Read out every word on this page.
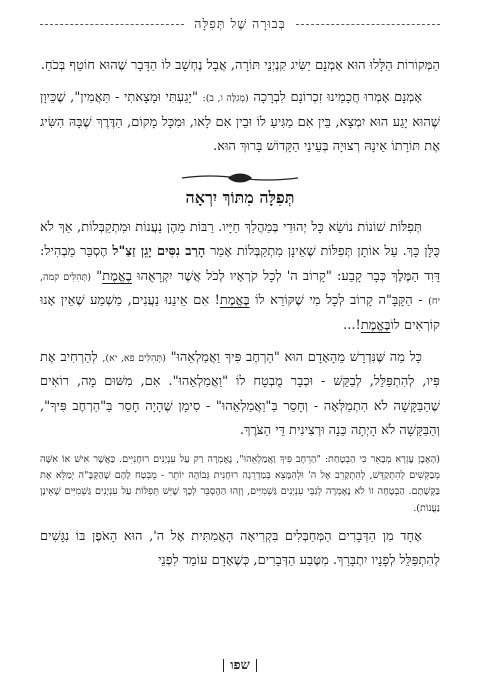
בְּבוּרָה שֶׁל תְּפִלָּה

הַמְּקוֹרוֹת הַלָּלוּ הוּא אָמְנָם יַשִּׂיג קִנְיְנֵי תּוֹרָה, אֲבָל נֶחְשָׁב לוֹ הַדָּבָר שֶׁהוּא חוֹטֵף בְּכֹחַ.

אָמְנָם אָמְרוּ חֲכָמֵינוּ זִכְרוֹנָם לִבְרָכָה (מְגִלָּה ו, ב): "יָגַעְתִּי וּמָצָאתִי - תַּאֲמִין", שֶׁכֵּיוָן שֶׁהוּא יָגַע הוּא יִמְצָא, בֵּין אִם מַגִּיעַ לוֹ וּבֵין אִם לָאו, וּמִכָּל מָקוֹם, הַדֶּרֶךְ שֶׁבָּהּ הִשִּׂיג אֶת תּוֹרָתוֹ אֵינָהּ רְצוּיָה בְּעֵינֵי הַקָּדוֹשׁ בָּרוּךְ הוּא.

תְּפִלָּה מִתּוֹךְ יִרְאָה

תְּפִלּוֹת שׁוֹנוֹת נוֹשֵׂא כָּל יְהוּדִי בְּמַהֲלַךְ חַיָּיו. רַבּוֹת מֵהֶן נַעֲנוֹת וּמִתְקַבְּלוֹת, אַךְ לֹא כֻּלָּן כָּךְ. עַל אוֹתָן תְּפִלּוֹת שֶׁאֵינָן מִתְקַבְּלוֹת אָמַר הָרַב נִסִּים יָגֵן זַצַ"ל הֶסְבֵּר מַבְהִיל: דָּוִד הַמֶּלֶךְ כְּבָר קָבַע: "קָרוֹב ה' לְכָל קֹרְאָיו לְכֹל אֲשֶׁר יִקְרָאֻהוּ בֶאֱמֶת" (תְּהִלִּים קמה, יח) - הַקָּבָּ"ה קָרוֹב לְכָל מִי שֶׁקּוֹרֵא לוֹ בֶּאֱמֶת! אִם אֵינֵנוּ נַעֲנִים, מַשְׁמַע שֶׁאֵין אָנוּ קוֹרְאִים לוֹבֶּאֱמֶת!...

כָּל מַה שֶּׁנִּדְרָשׁ מֵהָאָדָם הוּא "הַרְחֶב פִּיךָ וַאֲמַלְאֵהוּ" (תְּהִלִּים פא, יא), לְהַרְחִיב אֶת פִּיו, לְהִתְפַּלֵּל, לְבַקֵּשׁ - וּכְבָר מֻבְטָח לוֹ "וַאֲמַלְאֵהוּ". אִם, מִשּׁוּם מָה, רוֹאִים שֶׁהַבַּקָּשָׁה לֹא הִתְמַלְּאָה - וְחָסֵר בַּ"וַאֲמַלְאֵהוּ" - סִימָן שֶׁהָיָה חָסֵר בַּ"הַרְחֶב פִּיךָ", וְהַבַּקָּשָׁה לֹא הָיְתָה כֵּנָה וּרְצִינִית דֵּי הַצֹּרֶךְ.

(הָאֶבֶן עֶזְרָא מְבָאֵר כִּי הַבְטָחַת: "הַרְחֶב פִּיךָ וַאֲמַלְאֵהוּ", נֶאֶמְרָה רַק עַל עִנְיָנִים רוּחָנִיִּים. כַּאֲשֶׁר אִישׁ אוֹ אִשָּׁה מְבַקְּשִׁים לְהִתְקַדֵּשׁ, לְהִתְקָרֵב אֶל ה' וּלְהִמָּצֵא בְּמַדְרֵגָה רוּחָנִית גְּבוֹהָה יוֹתֵר - מֻבְטָח לָהֶם שֶׁהַקָּבָּ"ה יְמַלֵּא אֶת בַּקָּשָׁתָם. הַבְטָחָה זוֹ לֹא נֶאֶמְרָה לְגַבֵּי עִנְיָנִים גַּשְׁמִיִּים, וְזֶהוּ הַהֶסְבֵּר לְכָךְ שֶׁיֵּשׁ תְּפִלּוֹת עַל עִנְיָנִים גַּשְׁמִיִּים שֶׁאֵינָן נַעֲנוֹת).

אֶחָד מִן הַדְּבָרִים הַמְּחַבְּלִים בִּקְרִיאָה הָאֲמִתִּית אֶל ה', הוּא הָאֹפֶן בּוֹ נִגָּשִׁים לְהִתְפַּלֵּל לְפָנָיו יִתְבָּרַךְ. מִטֶּבַע הַדְּבָרִים, כְּשֶׁאָדָם עוֹמֵד לִפְנֵי

שפו
